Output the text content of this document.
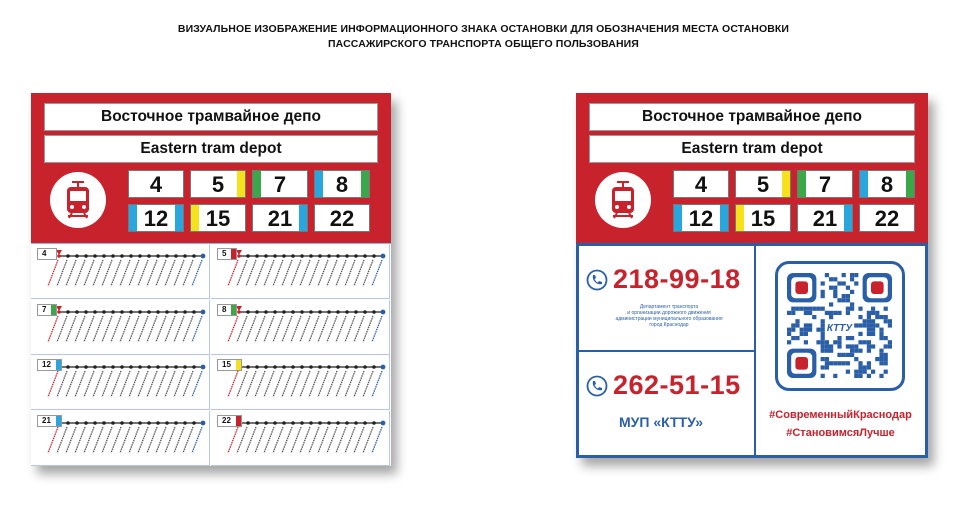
ВИЗУАЛЬНОЕ ИЗОБРАЖЕНИЕ ИНФОРМАЦИОННОГО ЗНАКА ОСТАНОВКИ ДЛЯ ОБОЗНАЧЕНИЯ МЕСТА ОСТАНОВКИ
ПАССАЖИРСКОГО ТРАНСПОРТА ОБЩЕГО ПОЛЬЗОВАНИЯ
Восточное трамвайное депо
Eastern tram depot
4	5	7	8
12	15	21	22
4	5
7	8
12	15
21	22
Восточное трамвайное депо
Eastern tram depot
4	5	7	8
12	15	21	22
218-99-18
Департамент транспорта
и организации дорожного движения
администрации муниципального образования
город Краснодар
262-51-15
МУП «КТТУ»	#СовременныйКраснодар
#СтановимсяЛучше
КТТУ
